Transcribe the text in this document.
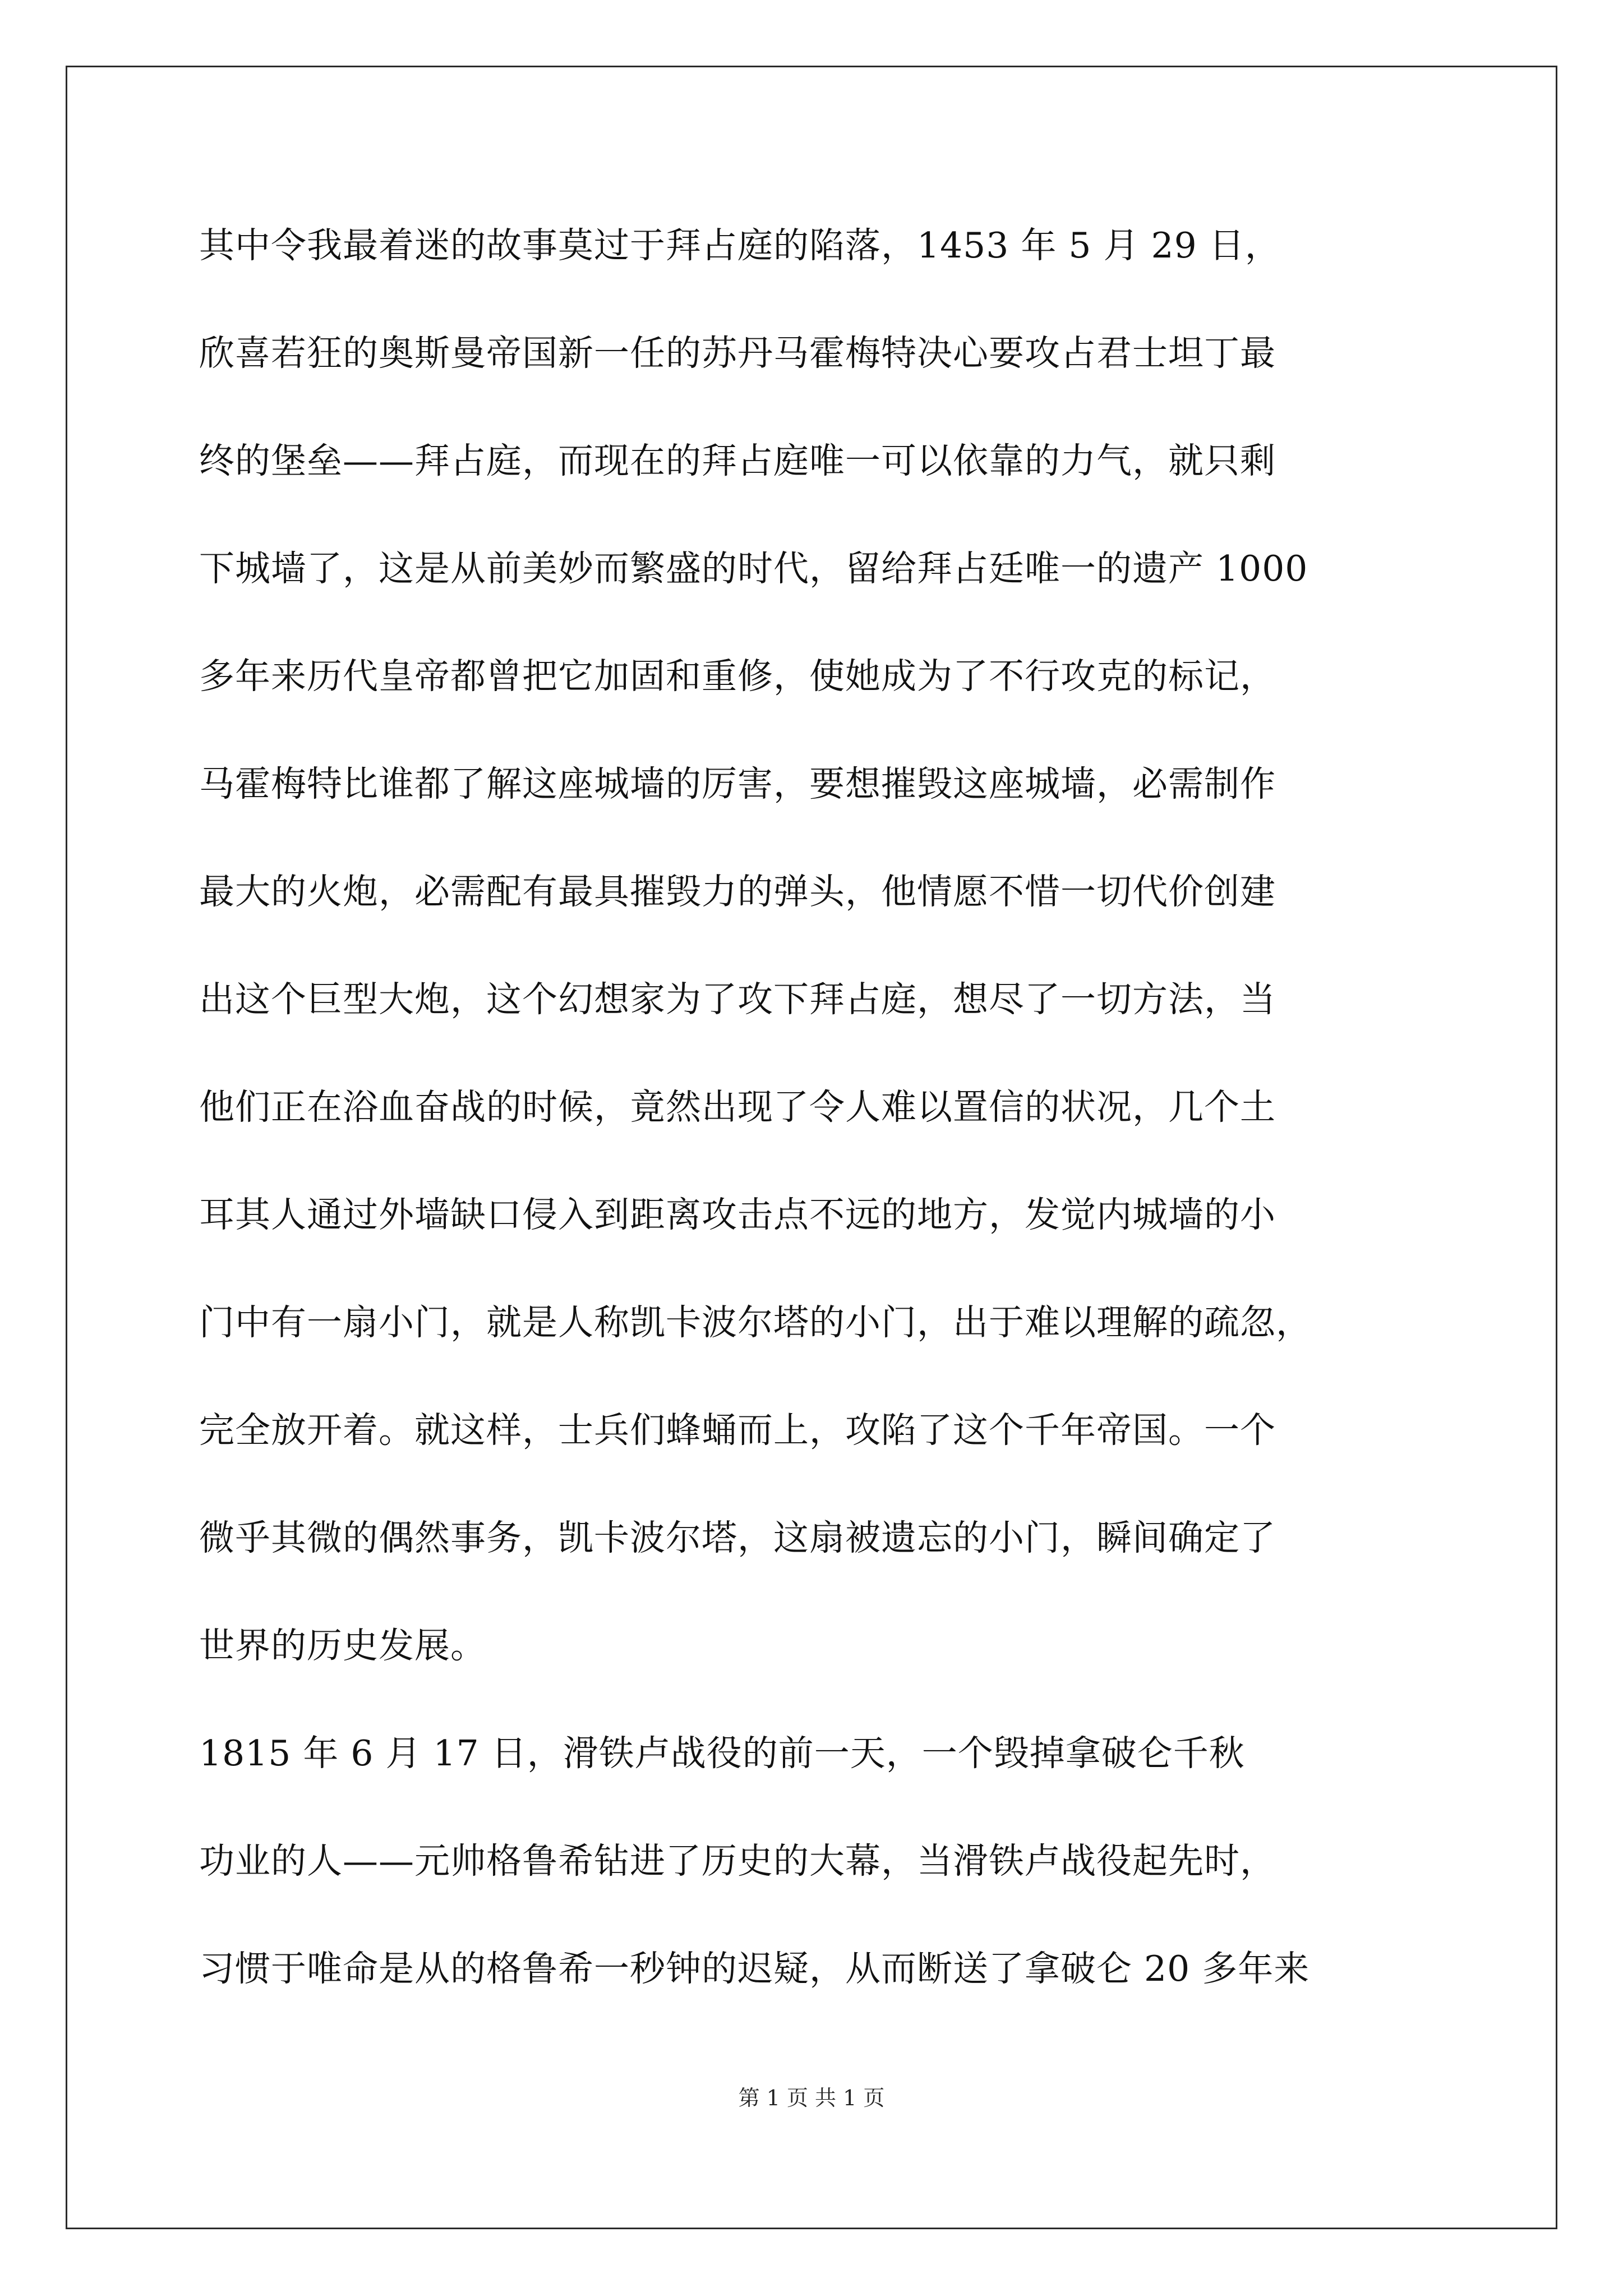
其中令我最着迷的故事莫过于拜占庭的陷落，1453 年 5 月 29 日，
欣喜若狂的奥斯曼帝国新一任的苏丹马霍梅特决心要攻占君士坦丁最
终的堡垒——拜占庭，而现在的拜占庭唯一可以依靠的力气，就只剩
下城墙了，这是从前美妙而繁盛的时代，留给拜占廷唯一的遗产 1000
多年来历代皇帝都曾把它加固和重修，使她成为了不行攻克的标记，
马霍梅特比谁都了解这座城墙的厉害，要想摧毁这座城墙，必需制作
最大的火炮，必需配有最具摧毁力的弹头，他情愿不惜一切代价创建
出这个巨型大炮，这个幻想家为了攻下拜占庭，想尽了一切方法，当
他们正在浴血奋战的时候，竟然出现了令人难以置信的状况，几个土
耳其人通过外墙缺口侵入到距离攻击点不远的地方，发觉内城墙的小
门中有一扇小门，就是人称凯卡波尔塔的小门，出于难以理解的疏忽，
完全放开着。就这样，士兵们蜂蛹而上，攻陷了这个千年帝国。一个
微乎其微的偶然事务，凯卡波尔塔，这扇被遗忘的小门，瞬间确定了
世界的历史发展。
1815 年 6 月 17 日，滑铁卢战役的前一天，一个毁掉拿破仑千秋
功业的人——元帅格鲁希钻进了历史的大幕，当滑铁卢战役起先时，
习惯于唯命是从的格鲁希一秒钟的迟疑，从而断送了拿破仑 20 多年来
第 1 页 共 1 页
